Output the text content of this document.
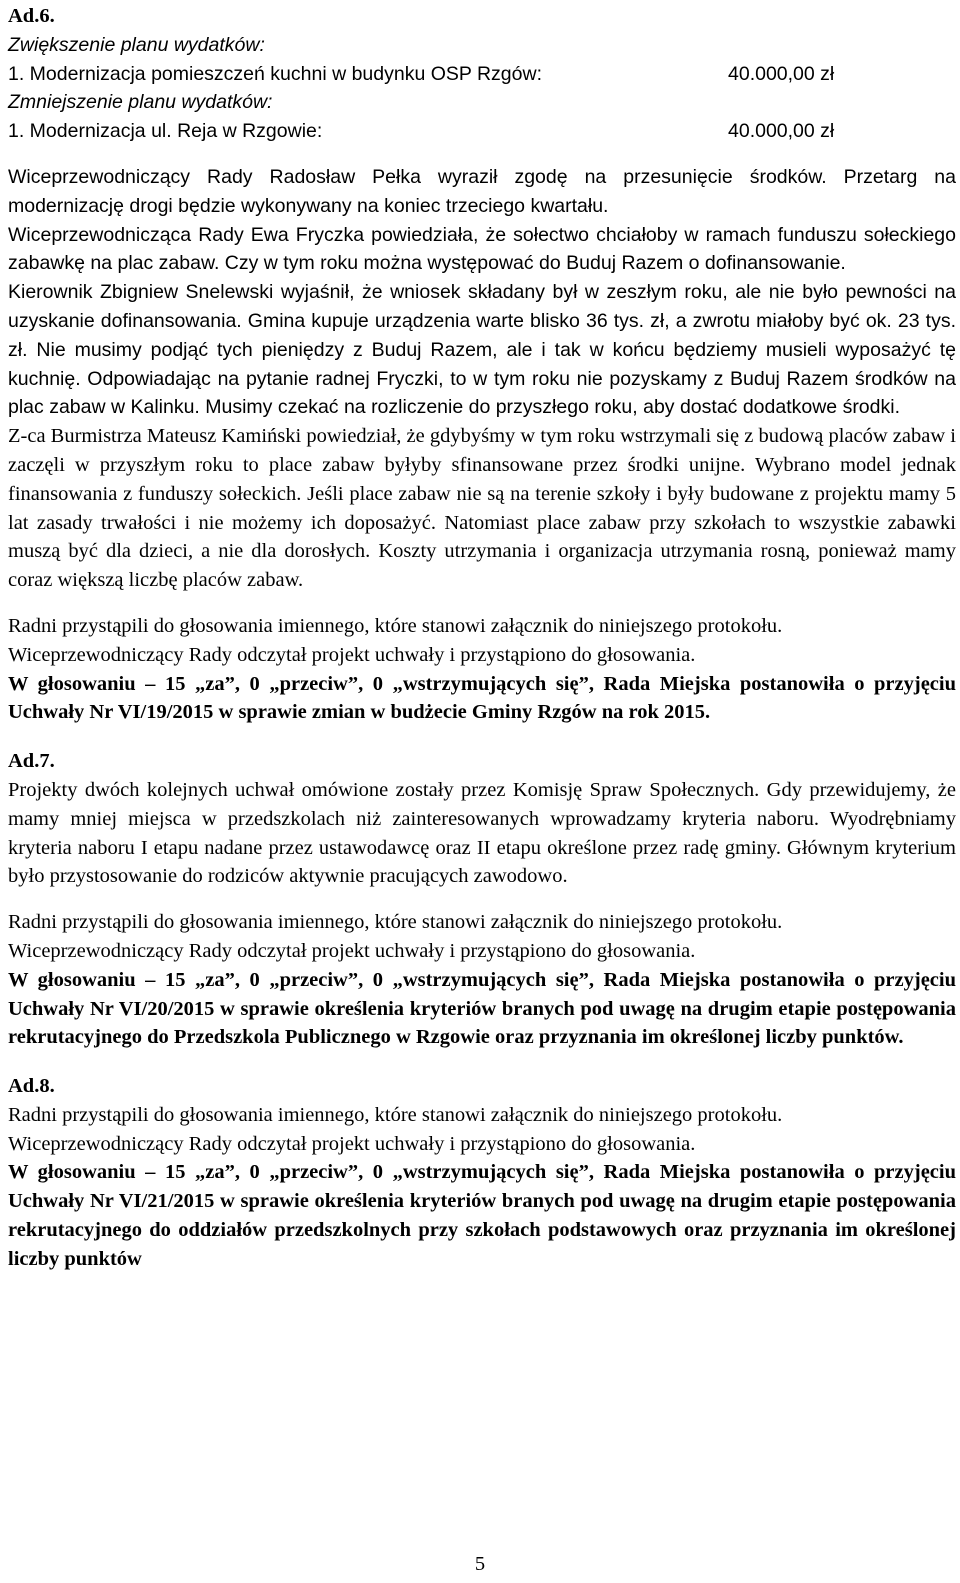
Ad.6.

Zwiększenie planu wydatków:

1. Modernizacja pomieszczeń kuchni w budynku OSP Rzgów:	40.000,00 zł

Zmniejszenie planu wydatków:

1. Modernizacja ul. Reja w Rzgowie:	40.000,00 zł

Wiceprzewodniczący Rady Radosław Pełka wyraził zgodę na przesunięcie środków. Przetarg na modernizację drogi będzie wykonywany na koniec trzeciego kwartału.

Wiceprzewodnicząca Rady Ewa Fryczka powiedziała, że sołectwo chciałoby w ramach funduszu sołeckiego zabawkę na plac zabaw. Czy w tym roku można występować do Buduj Razem o dofinansowanie.

Kierownik Zbigniew Snelewski wyjaśnił, że wniosek składany był w zeszłym roku, ale nie było pewności na uzyskanie dofinansowania. Gmina kupuje urządzenia warte blisko 36 tys. zł, a zwrotu miałoby być ok. 23 tys. zł. Nie musimy podjąć tych pieniędzy z Buduj Razem, ale i tak w końcu będziemy musieli wyposażyć tę kuchnię. Odpowiadając na pytanie radnej Fryczki, to w tym roku nie pozyskamy z Buduj Razem środków na plac zabaw w Kalinku. Musimy czekać na rozliczenie do przyszłego roku, aby dostać dodatkowe środki.

Z-ca Burmistrza Mateusz Kamiński powiedział, że gdybyśmy w tym roku wstrzymali się z budową placów zabaw i zaczęli w przyszłym roku to place zabaw byłyby sfinansowane przez środki unijne. Wybrano model jednak finansowania z funduszy sołeckich. Jeśli place zabaw nie są na terenie szkoły i były budowane z projektu mamy 5 lat zasady trwałości i nie możemy ich doposażyć. Natomiast place zabaw przy szkołach to wszystkie zabawki muszą być dla dzieci, a nie dla dorosłych. Koszty utrzymania i organizacja utrzymania rosną, ponieważ mamy coraz większą liczbę placów zabaw.

Radni przystąpili do głosowania imiennego, które stanowi załącznik do niniejszego protokołu.

Wiceprzewodniczący Rady odczytał projekt uchwały i przystąpiono do głosowania.

W głosowaniu – 15 „za”, 0 „przeciw”, 0 „wstrzymujących się”, Rada Miejska postanowiła o przyjęciu Uchwały Nr VI/19/2015 w sprawie zmian w budżecie Gminy Rzgów na rok 2015.

Ad.7.

Projekty dwóch kolejnych uchwał omówione zostały przez Komisję Spraw Społecznych. Gdy przewidujemy, że mamy mniej miejsca w przedszkolach niż zainteresowanych wprowadzamy kryteria naboru. Wyodrębniamy kryteria naboru I etapu nadane przez ustawodawcę oraz II etapu określone przez radę gminy. Głównym kryterium było przystosowanie do rodziców aktywnie pracujących zawodowo.

Radni przystąpili do głosowania imiennego, które stanowi załącznik do niniejszego protokołu.

Wiceprzewodniczący Rady odczytał projekt uchwały i przystąpiono do głosowania.

W głosowaniu – 15 „za”, 0 „przeciw”, 0 „wstrzymujących się”, Rada Miejska postanowiła o przyjęciu Uchwały Nr VI/20/2015 w sprawie określenia kryteriów branych pod uwagę na drugim etapie postępowania rekrutacyjnego do Przedszkola Publicznego w Rzgowie oraz przyznania im określonej liczby punktów.

Ad.8.

Radni przystąpili do głosowania imiennego, które stanowi załącznik do niniejszego protokołu.

Wiceprzewodniczący Rady odczytał projekt uchwały i przystąpiono do głosowania.

W głosowaniu – 15 „za”, 0 „przeciw”, 0 „wstrzymujących się”, Rada Miejska postanowiła o przyjęciu Uchwały Nr VI/21/2015 w sprawie określenia kryteriów branych pod uwagę na drugim etapie postępowania rekrutacyjnego do oddziałów przedszkolnych przy szkołach podstawowych oraz przyznania im określonej liczby punktów

5
